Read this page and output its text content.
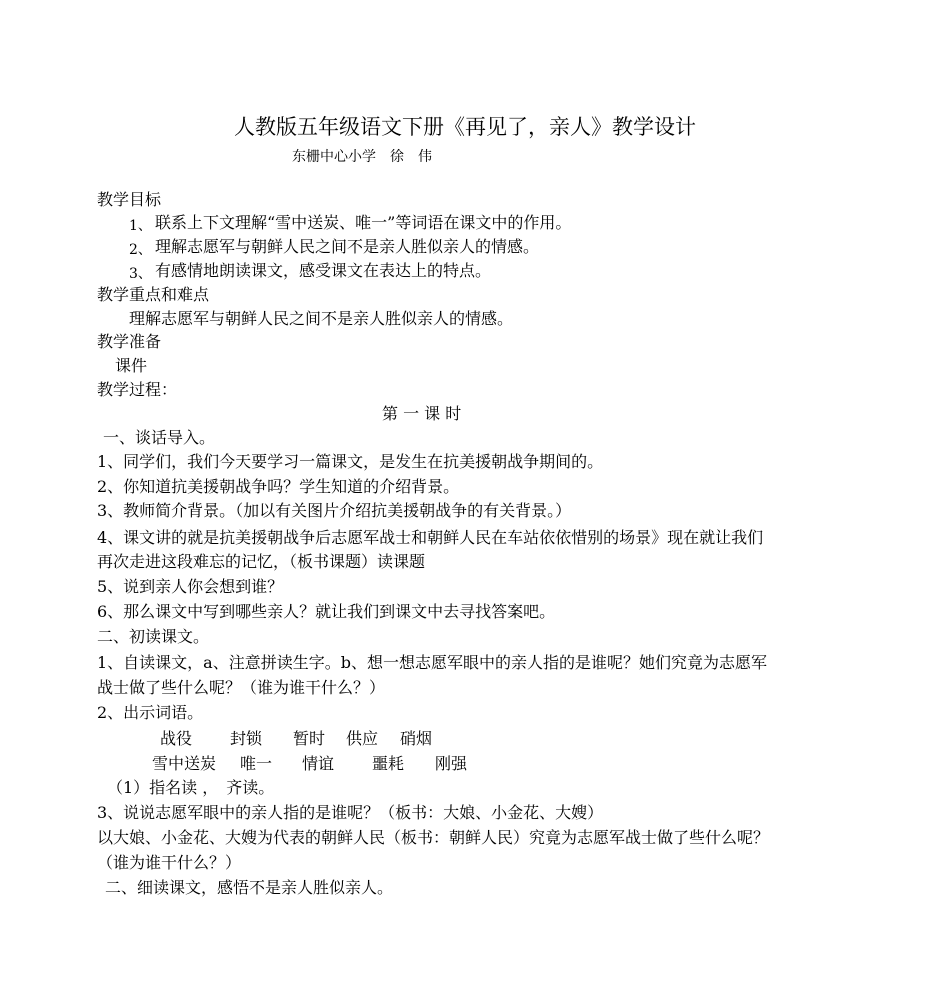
人教版五年级语文下册《再见了，亲人》教学设计
东栅中心小学　徐　伟
教学目标
1、 联系上下文理解“雪中送炭、唯一”等词语在课文中的作用。
2、 理解志愿军与朝鲜人民之间不是亲人胜似亲人的情感。
3、 有感情地朗读课文，感受课文在表达上的特点。
教学重点和难点
理解志愿军与朝鲜人民之间不是亲人胜似亲人的情感。
教学准备
课件
教学过程：
第 一 课 时
一、谈话导入。
1、同学们，我们今天要学习一篇课文，是发生在抗美援朝战争期间的。
2、你知道抗美援朝战争吗？学生知道的介绍背景。
3、教师简介背景。（加以有关图片介绍抗美援朝战争的有关背景。）
4、课文讲的就是抗美援朝战争后志愿军战士和朝鲜人民在车站依依惜别的场景》现在就让我们
再次走进这段难忘的记忆，（板书课题）读课题
5、说到亲人你会想到谁？
6、那么课文中写到哪些亲人？就让我们到课文中去寻找答案吧。
二、初读课文。
1、自读课文，a、注意拼读生字。b、想一想志愿军眼中的亲人指的是谁呢？她们究竟为志愿军
战士做了些什么呢？（谁为谁干什么？）
2、出示词语。
战役 封锁 暂时 供应 硝烟
雪中送炭 唯一 情谊 噩耗 刚强
（1）指名读 ，　齐读。
3、说说志愿军眼中的亲人指的是谁呢？（板书：大娘、小金花、大嫂）
以大娘、小金花、大嫂为代表的朝鲜人民（板书：朝鲜人民）究竟为志愿军战士做了些什么呢？
（谁为谁干什么？）
二、细读课文，感悟不是亲人胜似亲人。
